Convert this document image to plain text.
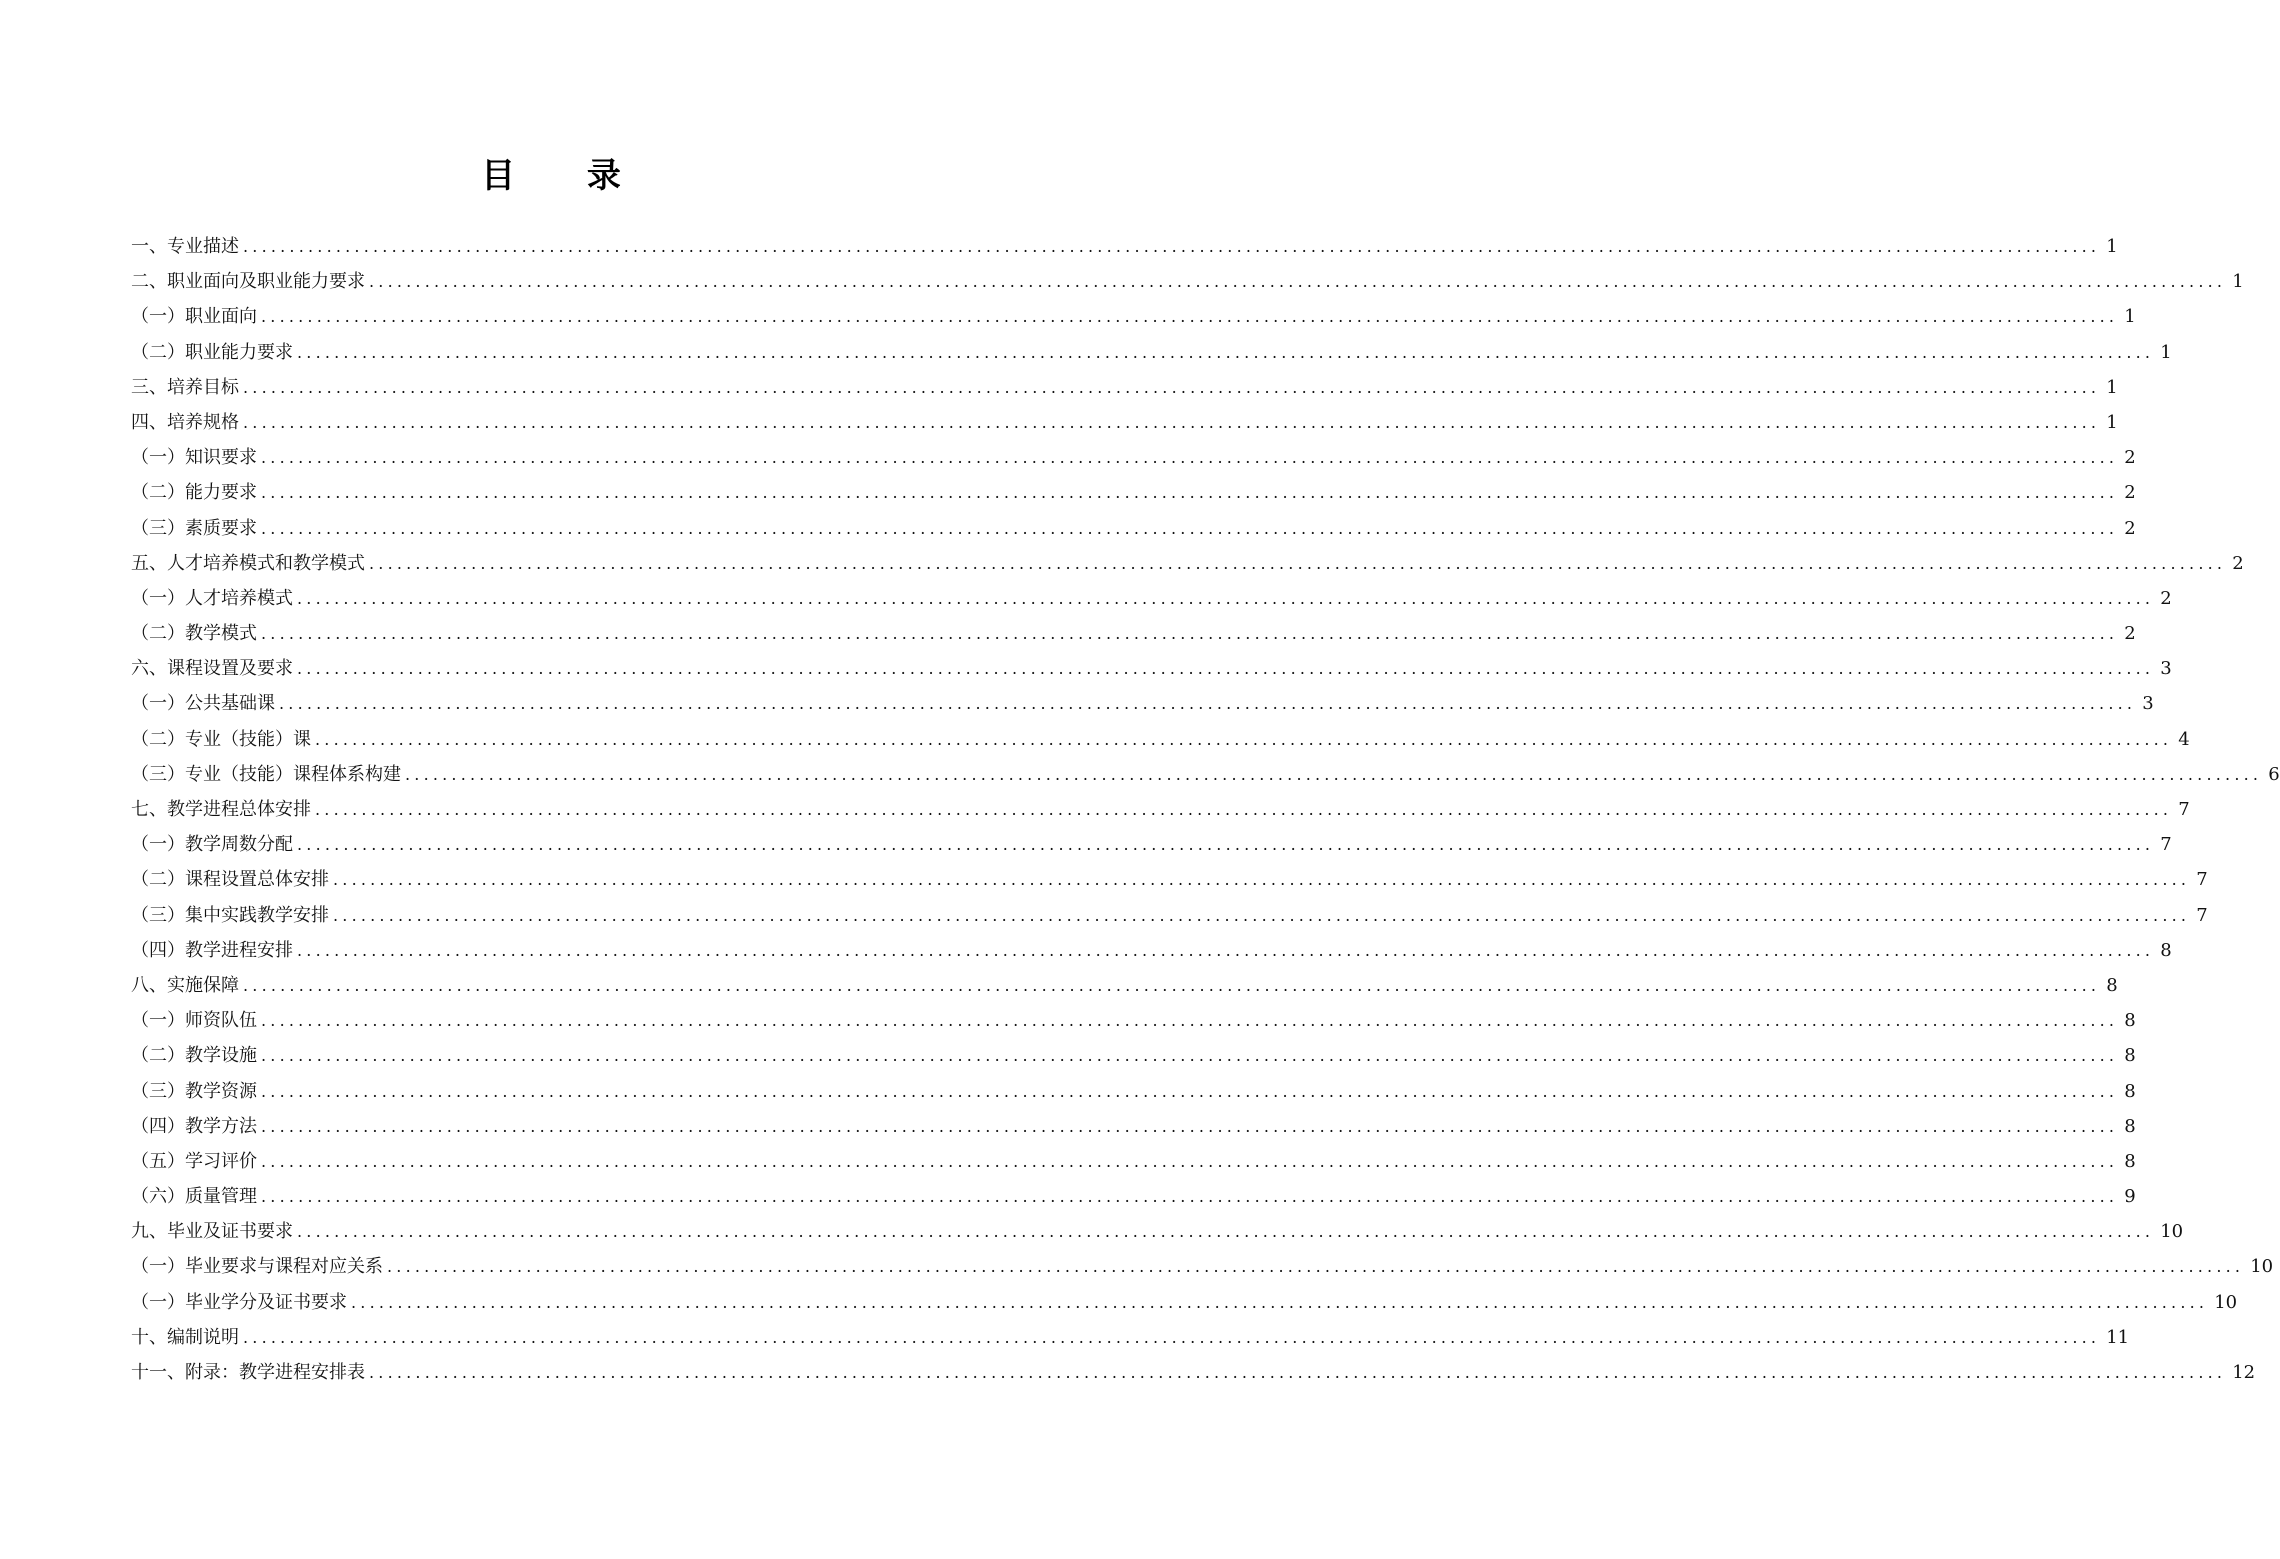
目 录
一、专业描述 ........................................................................................................................................................................................................ 1
二、职业面向及职业能力要求 ........................................................................................................................................................................................................ 1
（一）职业面向 ........................................................................................................................................................................................................ 1
（二）职业能力要求 ........................................................................................................................................................................................................ 1
三、培养目标 ........................................................................................................................................................................................................ 1
四、培养规格 ........................................................................................................................................................................................................ 1
（一）知识要求 ........................................................................................................................................................................................................ 2
（二）能力要求 ........................................................................................................................................................................................................ 2
（三）素质要求 ........................................................................................................................................................................................................ 2
五、人才培养模式和教学模式 ........................................................................................................................................................................................................ 2
（一）人才培养模式 ........................................................................................................................................................................................................ 2
（二）教学模式 ........................................................................................................................................................................................................ 2
六、课程设置及要求 ........................................................................................................................................................................................................ 3
（一）公共基础课 ........................................................................................................................................................................................................ 3
（二）专业（技能）课 ........................................................................................................................................................................................................ 4
（三）专业（技能）课程体系构建 ........................................................................................................................................................................................................ 6
七、教学进程总体安排 ........................................................................................................................................................................................................ 7
（一）教学周数分配 ........................................................................................................................................................................................................ 7
（二）课程设置总体安排 ........................................................................................................................................................................................................ 7
（三）集中实践教学安排 ........................................................................................................................................................................................................ 7
（四）教学进程安排 ........................................................................................................................................................................................................ 8
八、实施保障 ........................................................................................................................................................................................................ 8
（一）师资队伍 ........................................................................................................................................................................................................ 8
（二）教学设施 ........................................................................................................................................................................................................ 8
（三）教学资源 ........................................................................................................................................................................................................ 8
（四）教学方法 ........................................................................................................................................................................................................ 8
（五）学习评价 ........................................................................................................................................................................................................ 8
（六）质量管理 ........................................................................................................................................................................................................ 9
九、毕业及证书要求 ........................................................................................................................................................................................................ 10
（一）毕业要求与课程对应关系 ........................................................................................................................................................................................................ 10
（一）毕业学分及证书要求 ........................................................................................................................................................................................................ 10
十、编制说明 ........................................................................................................................................................................................................ 11
十一、附录：教学进程安排表 ........................................................................................................................................................................................................ 12
